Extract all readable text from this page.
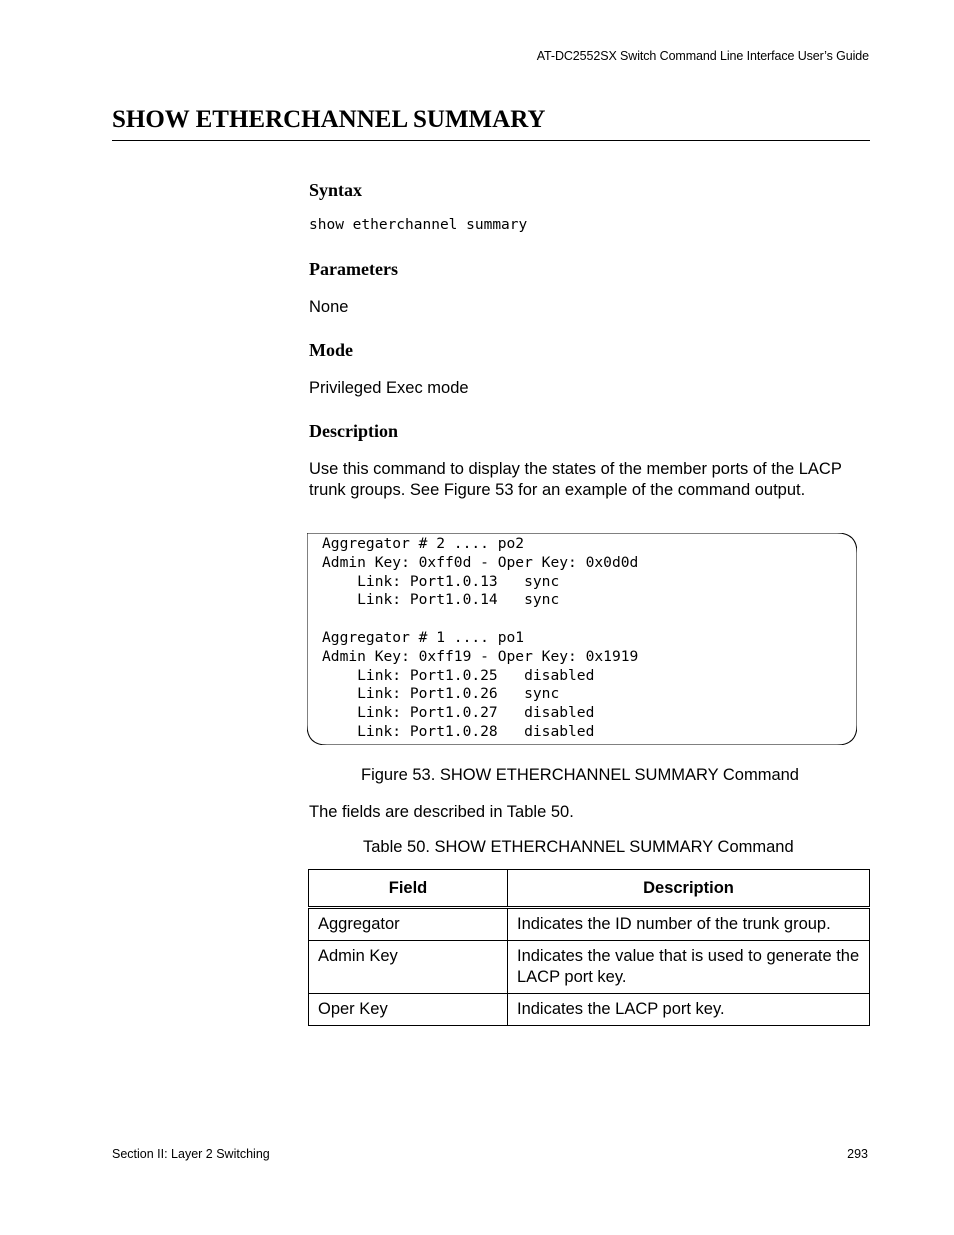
AT-DC2552SX Switch Command Line Interface User’s Guide
SHOW ETHERCHANNEL SUMMARY
Syntax
show etherchannel summary
Parameters
None
Mode
Privileged Exec mode
Description
Use this command to display the states of the member ports of the LACP trunk groups. See Figure 53 for an example of the command output.
Aggregator # 2 .... po2
Admin Key: 0xff0d - Oper Key: 0x0d0d
Link: Port1.0.13   sync
Link: Port1.0.14   sync
Aggregator # 1 .... po1
Admin Key: 0xff19 - Oper Key: 0x1919
Link: Port1.0.25   disabled
Link: Port1.0.26   sync
Link: Port1.0.27   disabled
Link: Port1.0.28   disabled
Figure 53. SHOW ETHERCHANNEL SUMMARY Command
The fields are described in Table 50.
Table 50. SHOW ETHERCHANNEL SUMMARY Command
Field	Description
Aggregator	Indicates the ID number of the trunk group.
Admin Key	Indicates the value that is used to generate the LACP port key.
Oper Key	Indicates the LACP port key.
Section II: Layer 2 Switching	293
